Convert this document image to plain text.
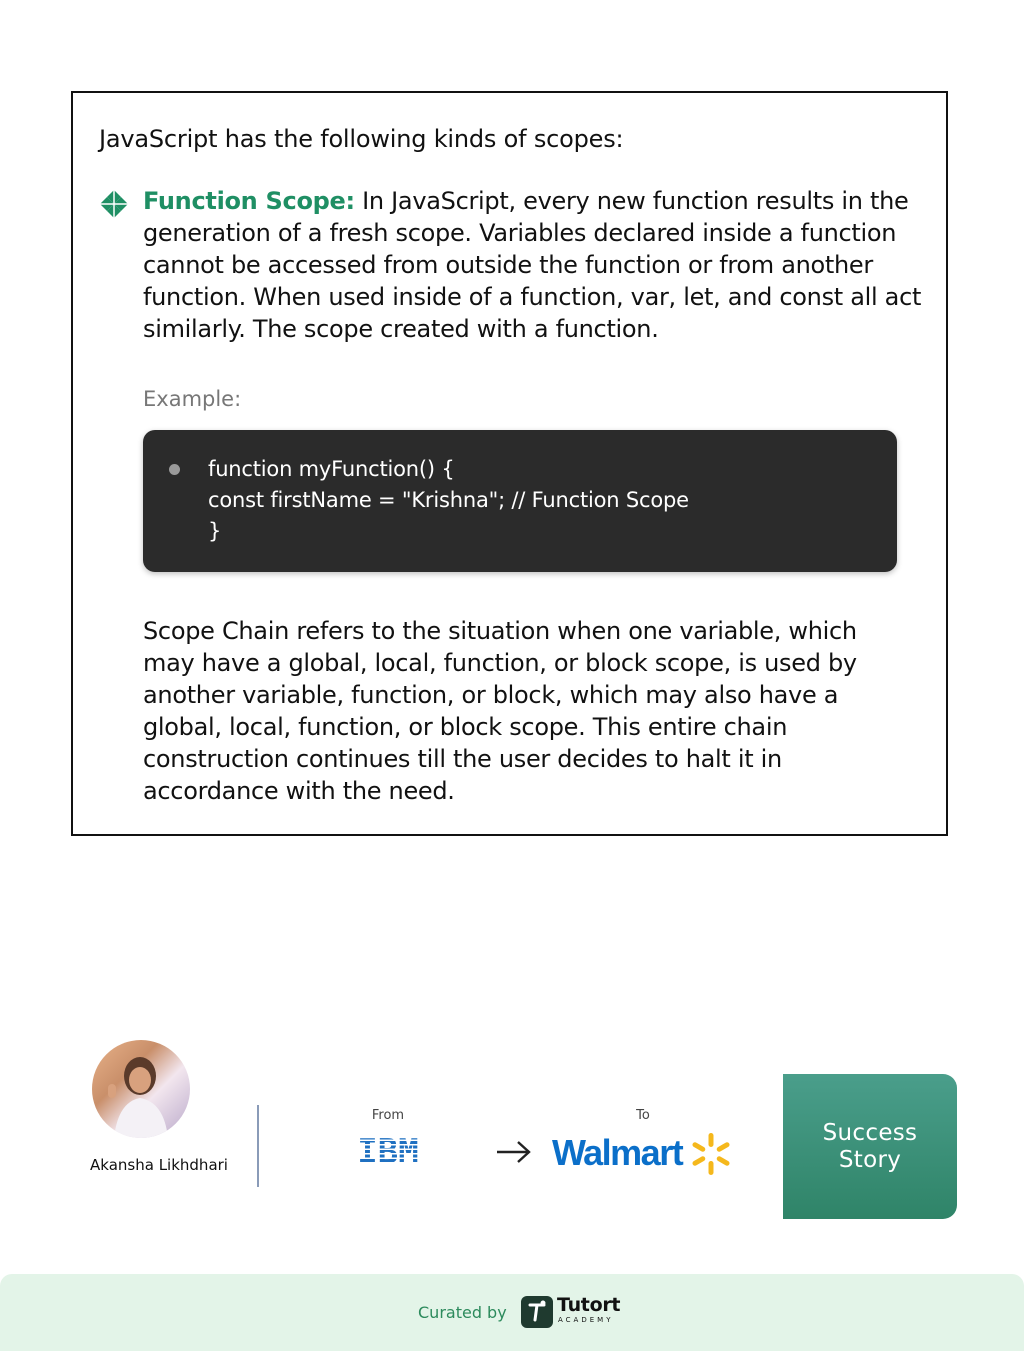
JavaScript has the following kinds of scopes:
Function Scope: In JavaScript, every new function results in the generation of a fresh scope. Variables declared inside a function cannot be accessed from outside the function or from another function. When used inside of a function, var, let, and const all act similarly. The scope created with a function.
Example:
function myFunction() {
const firstName = "Krishna"; // Function Scope
}
Scope Chain refers to the situation when one variable, which may have a global, local, function, or block scope, is used by another variable, function, or block, which may also have a global, local, function, or block scope. This entire chain construction continues till the user decides to halt it in accordance with the need.
Akansha Likhdhari
From
IBM
To
Walmart	Success
Story
Curated by	Tutort
ACADEMY
